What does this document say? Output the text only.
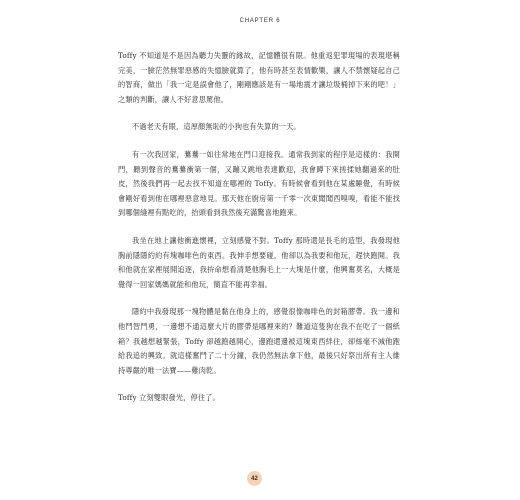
CHAPTER 6

Toffy 不知道是不是因為聽力失靈的緣故，記憶體很有限。他重返犯罪現場的表現堪稱完美，一臉茫然無罪惡感的失憶臉就算了，他有時甚至表情歡樂，讓人不禁懷疑起自己的智商，做出「我一定是誤會他了，剛剛應該是有一場地震才讓垃圾桶掉下來的吧！」之類的判斷，讓人不好意思罵他。

不過老天有眼，這厚顏無恥的小狗也有失算的一天。

有一次我回家，驀驀一如往常地在門口迎接我。通常我到家的程序是這樣的：我開門，聽到聲音的驀驀衝第一個，又蹦又跳地表達歡迎，我會蹲下來搓揉她翻過來的肚皮，然後我們再一起去找不知道在哪裡的 Toffy。有時候會看到他在某處睡覺，有時候會剛好看到他在哪裡惡意地見。那天他在廚房第一千零一次東聞聞西嗅嗅，看能不能找到哪個縫裡有點吃的，抬頭看到我然後充滿驚喜地跑來。

我坐在地上讓他衝進懷裡，立刻感覺不對。Toffy 那時還是長毛的造型，我發現他胸前隱隱約約有塊咖啡色的東西。我伸手想要碰，他卻以為我要和他玩，趕快跑開。我和他就在家裡展開追逐，我拚命想看清楚他胸毛上一大塊是什麼，他興奮莫名，大概是覺得一回家媽媽就能和他玩，簡直不能再幸福。

隱約中我發現那一塊物體是黏在他身上的，感覺很像咖啡色的封箱膠帶。我一邊和他鬥智鬥勇，一邊想不通這麼大片的膠帶是哪裡來的？難道這隻狗在我不在吃了一個紙箱？我越想越緊張，Toffy 卻越跑越開心，邊跑還邊被這塊東西絆住，卻絲毫不減他跑給我追的興致。就這樣奮鬥了二十分鐘，我仍然無法拿下他，最後只好祭出所有主人維持尊嚴的唯一法寶——雞肉乾。

Toffy 立刻雙眼發光，停住了。

42
